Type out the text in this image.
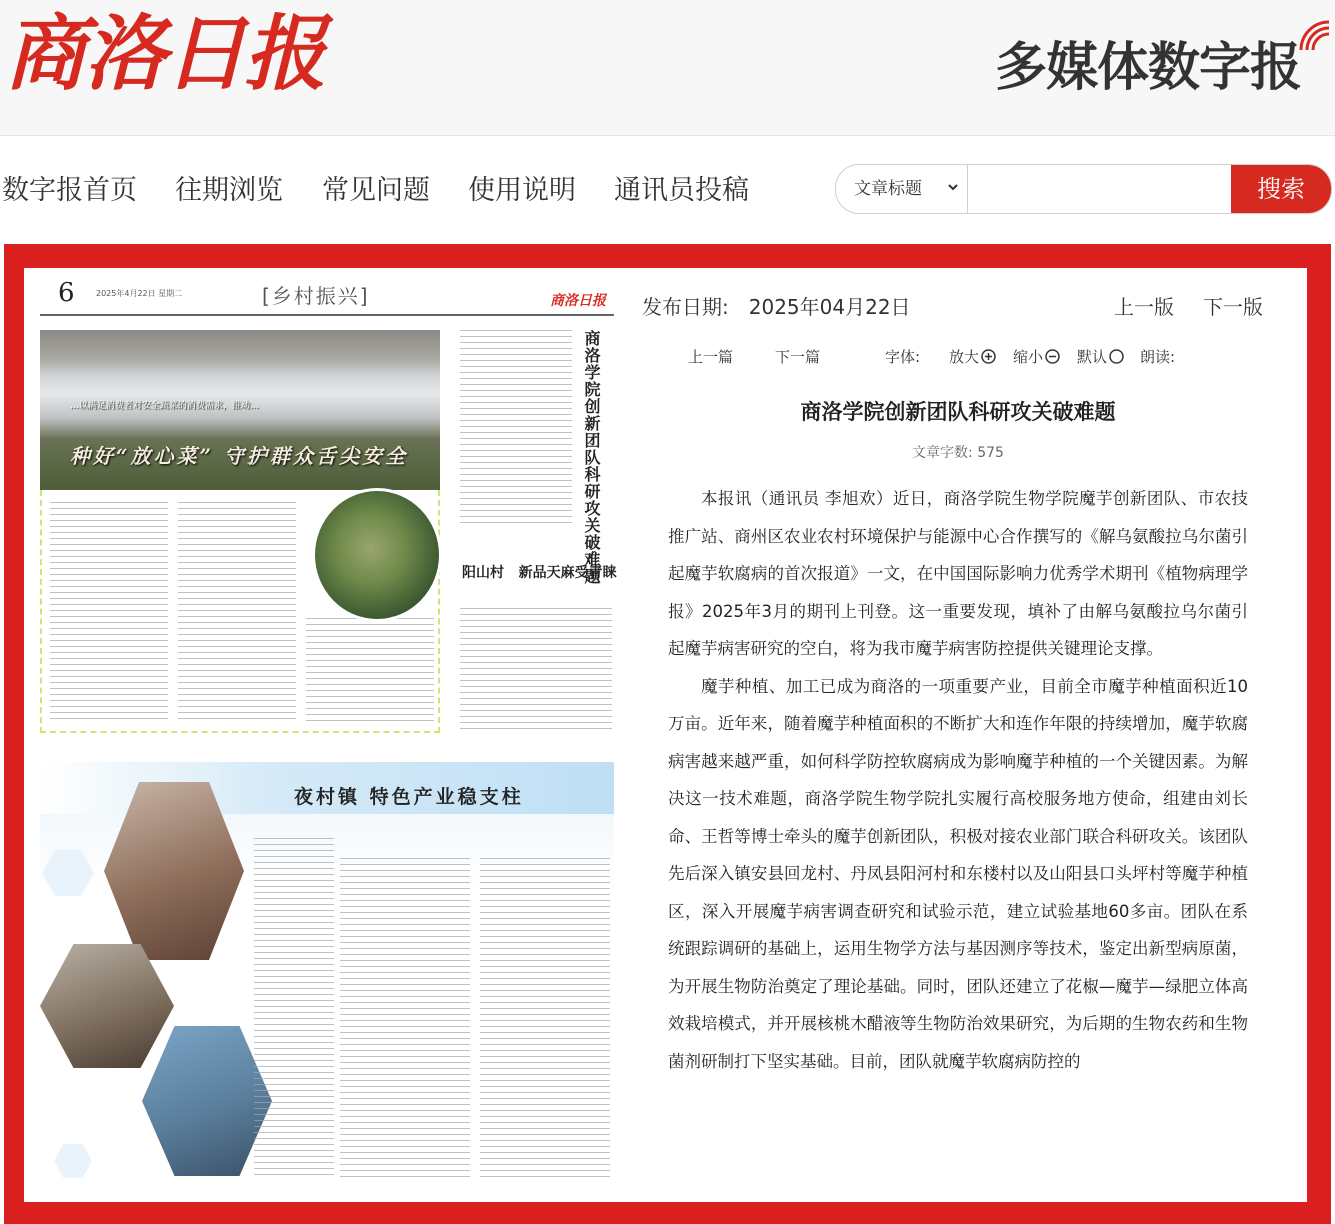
商洛日报	多媒体数字报
数字报首页 往期浏览 常见问题 使用说明 通讯员投稿	文章标题	搜索
6	2025年4月22日 星期二	[乡村振兴]	商洛日报
…以满足消费者对安全蔬菜的消费需求，推动…
种好“放心菜” 守护群众舌尖安全	商洛学院创新团队科研攻关破难题
阳山村 新品天麻受青睐
夜村镇 特色产业稳支柱
发布日期: 2025年04月22日	上一版 下一版
上一篇	下一篇	字体: 放大	缩小	默认	朗读:
商洛学院创新团队科研攻关破难题
文章字数: 575

本报讯（通讯员 李旭欢）近日，商洛学院生物学院魔芋创新团队、市农技推广站、商州区农业农村环境保护与能源中心合作撰写的《解乌氨酸拉乌尔菌引起魔芋软腐病的首次报道》一文，在中国国际影响力优秀学术期刊《植物病理学报》2025年3月的期刊上刊登。这一重要发现，填补了由解乌氨酸拉乌尔菌引起魔芋病害研究的空白，将为我市魔芋病害防控提供关键理论支撑。

魔芋种植、加工已成为商洛的一项重要产业，目前全市魔芋种植面积近10万亩。近年来，随着魔芋种植面积的不断扩大和连作年限的持续增加，魔芋软腐病害越来越严重，如何科学防控软腐病成为影响魔芋种植的一个关键因素。为解决这一技术难题，商洛学院生物学院扎实履行高校服务地方使命，组建由刘长命、王哲等博士牵头的魔芋创新团队，积极对接农业部门联合科研攻关。该团队先后深入镇安县回龙村、丹凤县阳河村和东楼村以及山阳县口头坪村等魔芋种植区，深入开展魔芋病害调查研究和试验示范，建立试验基地60多亩。团队在系统跟踪调研的基础上，运用生物学方法与基因测序等技术，鉴定出新型病原菌，为开展生物防治奠定了理论基础。同时，团队还建立了花椒—魔芋—绿肥立体高效栽培模式，并开展核桃木醋液等生物防治效果研究，为后期的生物农药和生物菌剂研制打下坚实基础。目前，团队就魔芋软腐病防控的
